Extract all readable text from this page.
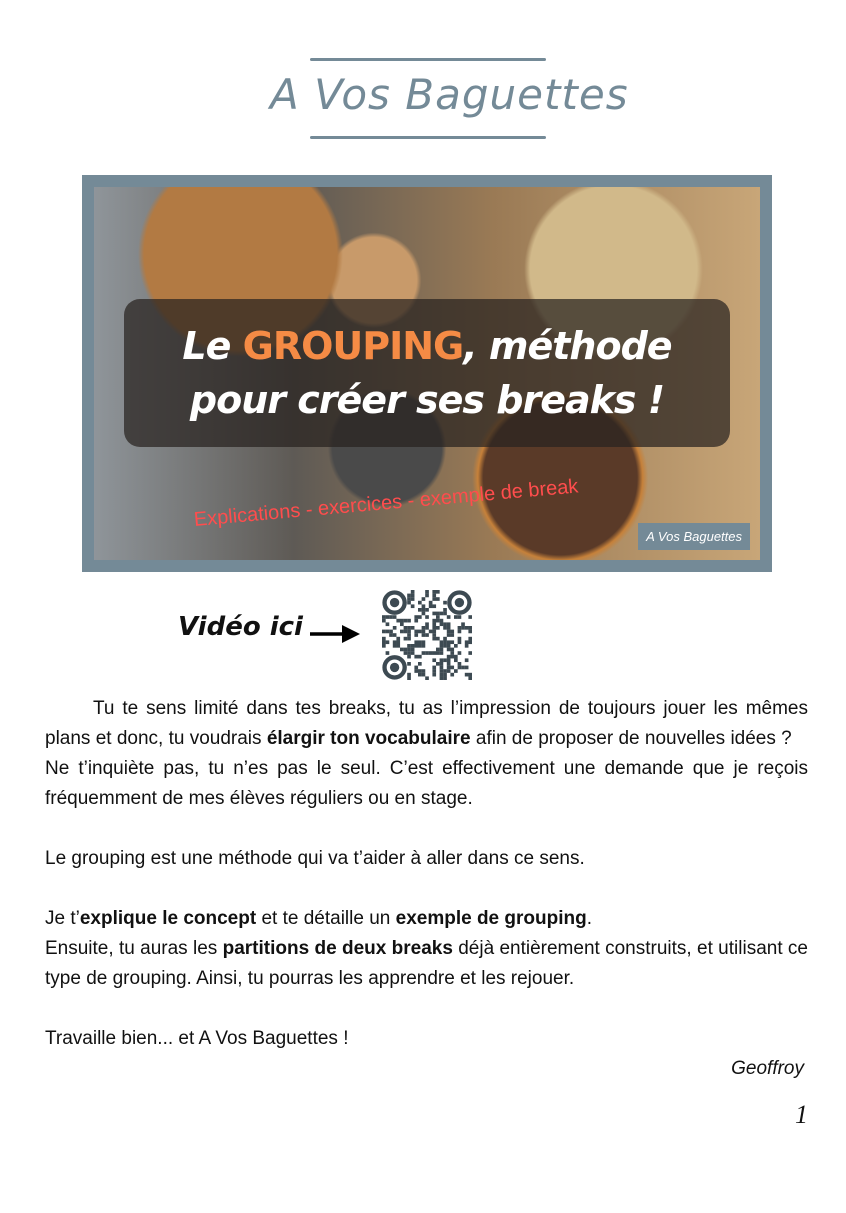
A Vos Baguettes
Le GROUPING, méthode
pour créer ses breaks !
Explications - exercices - exemple de break
A Vos Baguettes
Vidéo ici

Tu te sens limité dans tes breaks, tu as l’impression de toujours jouer les mêmes plans et donc, tu voudrais élargir ton vocabulaire afin de proposer de nouvelles idées ?

Ne t’inquiète pas, tu n’es pas le seul. C’est effectivement une demande que je reçois fréquemment de mes élèves réguliers ou en stage.

Le grouping est une méthode qui va t’aider à aller dans ce sens.

Je t’explique le concept et te détaille un exemple de grouping.

Ensuite, tu auras les partitions de deux breaks déjà entièrement construits, et utilisant ce type de grouping. Ainsi, tu pourras les apprendre et les rejouer.

Travaille bien... et A Vos Baguettes !

Geoffroy
1
